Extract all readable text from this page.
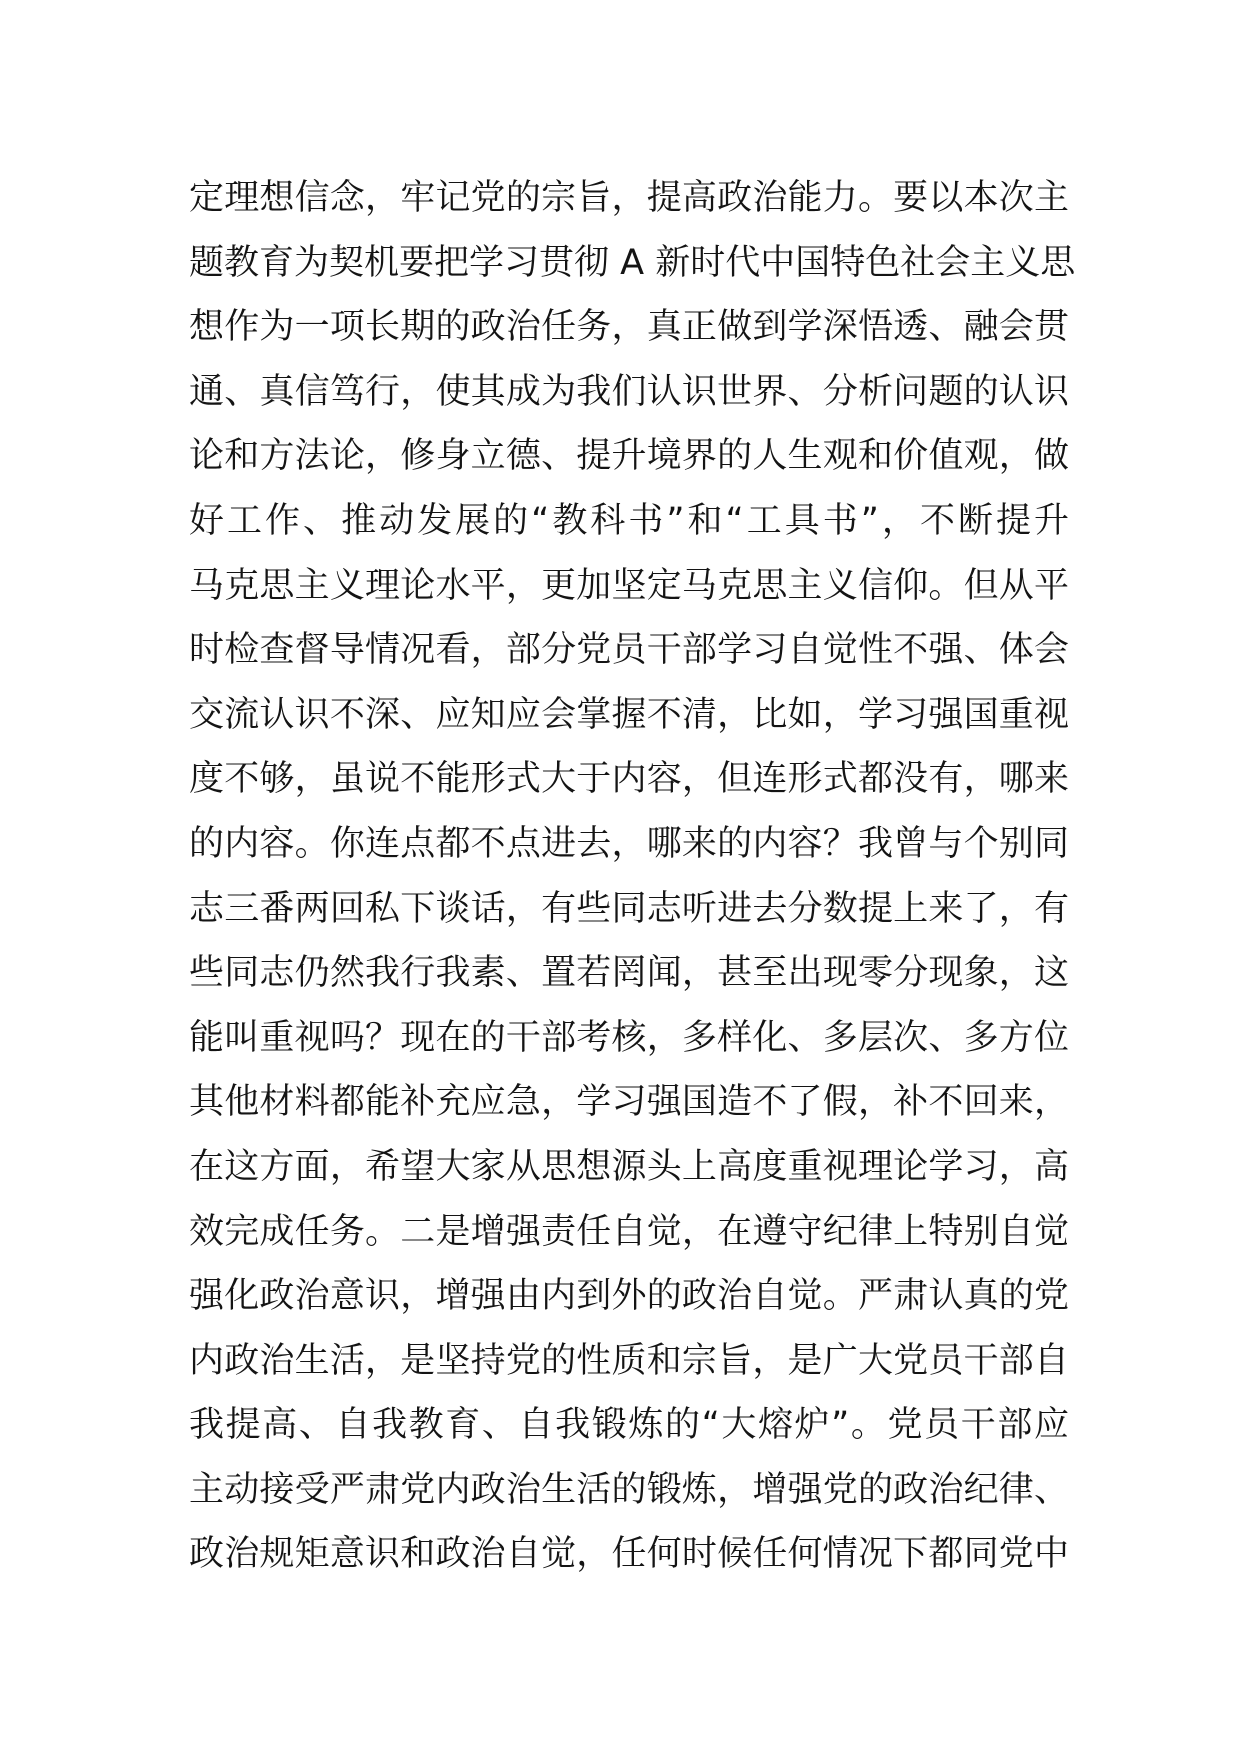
定理想信念，牢记党的宗旨，提高政治能力。要以本次主
题教育为契机要把学习贯彻 A 新时代中国特色社会主义思
想作为一项长期的政治任务，真正做到学深悟透、融会贯
通、真信笃行，使其成为我们认识世界、分析问题的认识
论和方法论，修身立德、提升境界的人生观和价值观，做
好工作、推动发展的“教科书”和“工具书”，不断提升
马克思主义理论水平，更加坚定马克思主义信仰。但从平
时检查督导情况看，部分党员干部学习自觉性不强、体会
交流认识不深、应知应会掌握不清，比如，学习强国重视
度不够，虽说不能形式大于内容，但连形式都没有，哪来
的内容。你连点都不点进去，哪来的内容？我曾与个别同
志三番两回私下谈话，有些同志听进去分数提上来了，有
些同志仍然我行我素、置若罔闻，甚至出现零分现象，这
能叫重视吗？现在的干部考核，多样化、多层次、多方位
其他材料都能补充应急，学习强国造不了假，补不回来，
在这方面，希望大家从思想源头上高度重视理论学习，高
效完成任务。二是增强责任自觉，在遵守纪律上特别自觉
强化政治意识，增强由内到外的政治自觉。严肃认真的党
内政治生活，是坚持党的性质和宗旨，是广大党员干部自
我提高、自我教育、自我锻炼的“大熔炉”。党员干部应
主动接受严肃党内政治生活的锻炼，增强党的政治纪律、
政治规矩意识和政治自觉，任何时候任何情况下都同党中
